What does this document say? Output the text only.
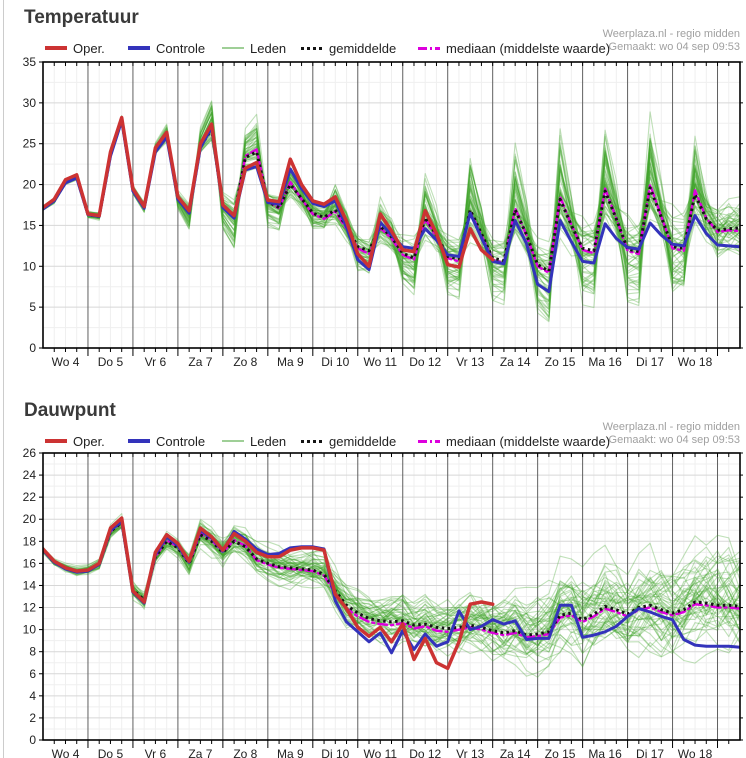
0
5
10
15
20
25
30
35
Wo 4 Do 5 Vr 6 Za 7 Zo 8 Ma 9 Di 10 Wo 11 Do 12 Vr 13 Za 14 Zo 15 Ma 16 Di 17 Wo 18
0
2
4
6
8
10
12
14
16
18
20
22
24
26
Wo 4 Do 5 Vr 6 Za 7 Zo 8 Ma 9 Di 10 Wo 11 Do 12 Vr 13 Za 14 Zo 15 Ma 16 Di 17 Wo 18
Temperatuur
Weerplaza.nl - regio midden
Gemaakt: wo 04 sep 09:53
Oper.	Controle	Leden	gemiddelde	mediaan (middelste waarde)
Dauwpunt
Weerplaza.nl - regio midden
Gemaakt: wo 04 sep 09:53
Oper.	Controle	Leden	gemiddelde	mediaan (middelste waarde)
